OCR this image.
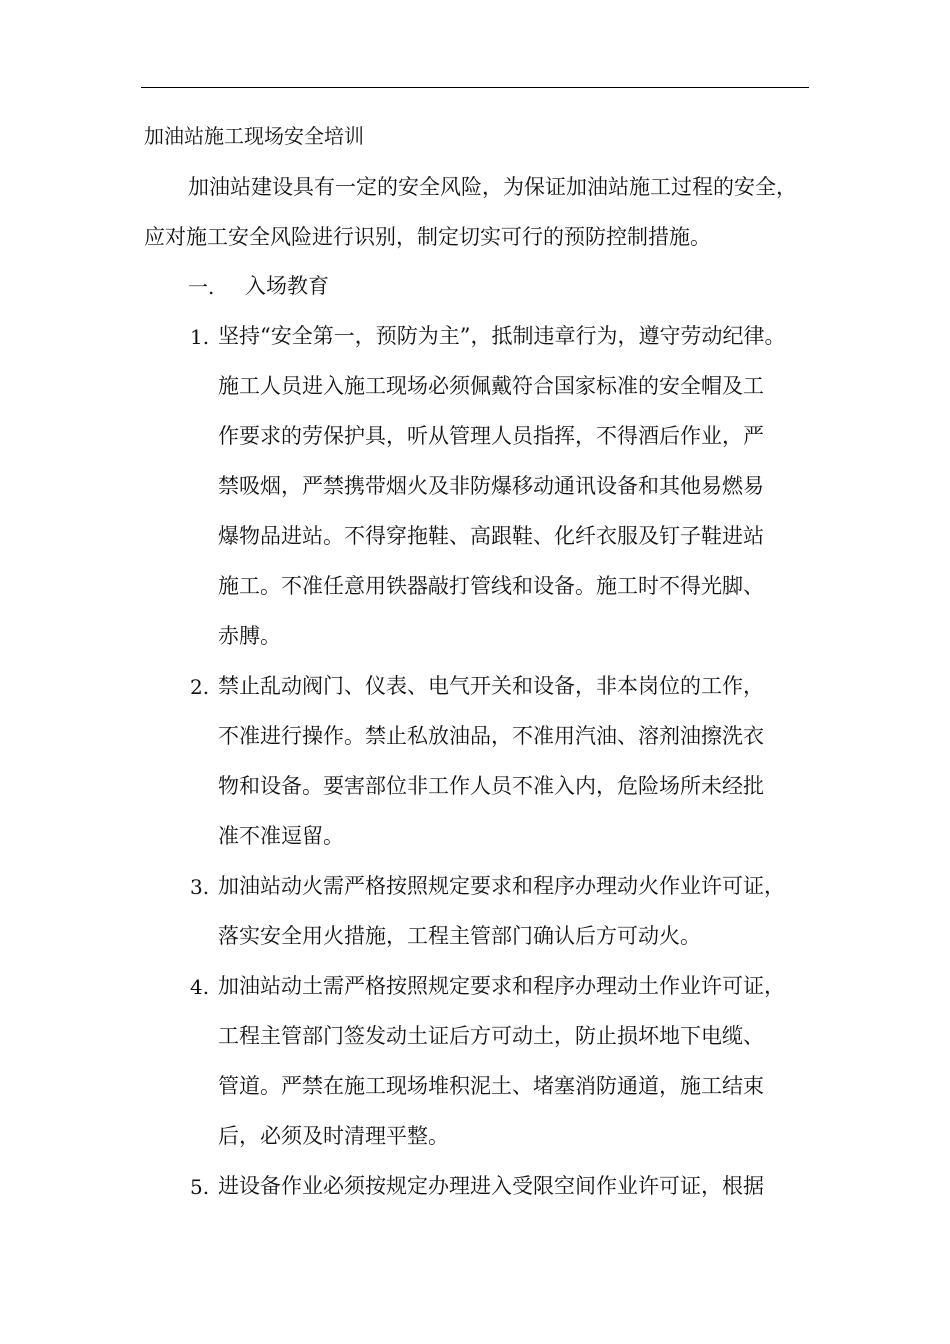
加油站施工现场安全培训
加油站建设具有一定的安全风险，为保证加油站施工过程的安全，
应对施工安全风险进行识别，制定切实可行的预防控制措施。
一. 入场教育
1. 坚持“安全第一，预防为主”，抵制违章行为，遵守劳动纪律。
施工人员进入施工现场必须佩戴符合国家标准的安全帽及工
作要求的劳保护具，听从管理人员指挥，不得酒后作业，严
禁吸烟，严禁携带烟火及非防爆移动通讯设备和其他易燃易
爆物品进站。不得穿拖鞋、高跟鞋、化纤衣服及钉子鞋进站
施工。不准任意用铁器敲打管线和设备。施工时不得光脚、
赤膊。
2. 禁止乱动阀门、仪表、电气开关和设备，非本岗位的工作，
不准进行操作。禁止私放油品，不准用汽油、溶剂油擦洗衣
物和设备。要害部位非工作人员不准入内，危险场所未经批
准不准逗留。
3. 加油站动火需严格按照规定要求和程序办理动火作业许可证，
落实安全用火措施，工程主管部门确认后方可动火。
4. 加油站动土需严格按照规定要求和程序办理动土作业许可证，
工程主管部门签发动土证后方可动土，防止损坏地下电缆、
管道。严禁在施工现场堆积泥土、堵塞消防通道，施工结束
后，必须及时清理平整。
5. 进设备作业必须按规定办理进入受限空间作业许可证，根据
